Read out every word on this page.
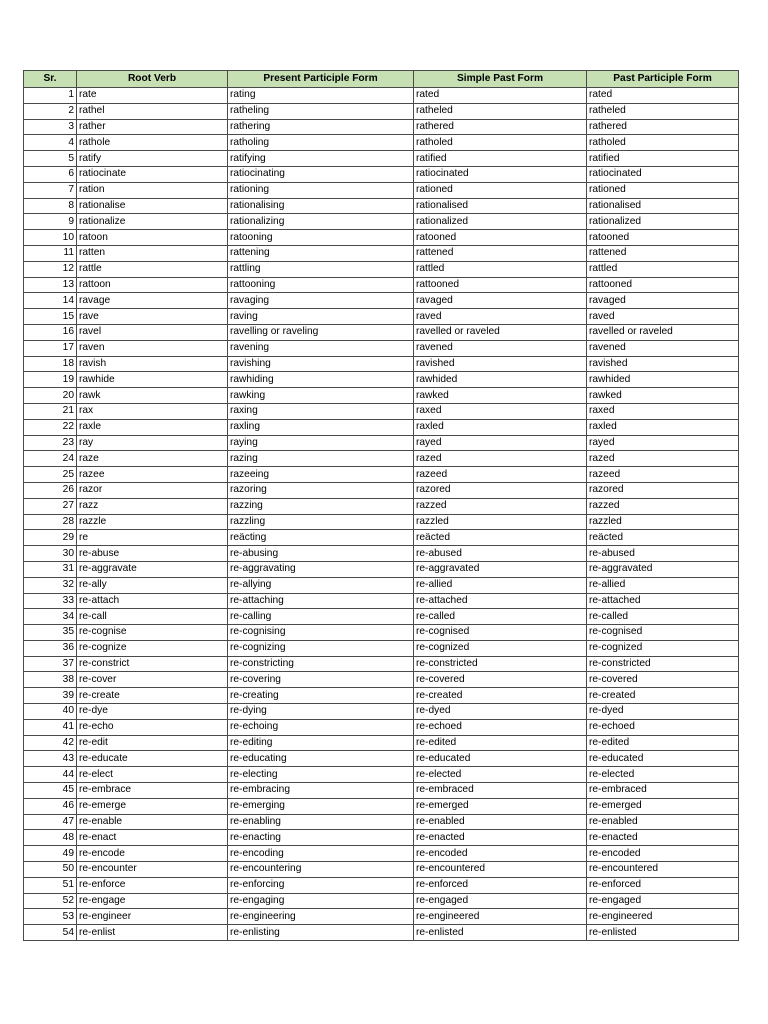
Sr.	Root Verb	Present Participle Form	Simple Past Form	Past Participle Form
1	rate	rating	rated	rated
2	rathel	ratheling	ratheled	ratheled
3	rather	rathering	rathered	rathered
4	rathole	ratholing	ratholed	ratholed
5	ratify	ratifying	ratified	ratified
6	ratiocinate	ratiocinating	ratiocinated	ratiocinated
7	ration	rationing	rationed	rationed
8	rationalise	rationalising	rationalised	rationalised
9	rationalize	rationalizing	rationalized	rationalized
10	ratoon	ratooning	ratooned	ratooned
11	ratten	rattening	rattened	rattened
12	rattle	rattling	rattled	rattled
13	rattoon	rattooning	rattooned	rattooned
14	ravage	ravaging	ravaged	ravaged
15	rave	raving	raved	raved
16	ravel	ravelling or raveling	ravelled or raveled	ravelled or raveled
17	raven	ravening	ravened	ravened
18	ravish	ravishing	ravished	ravished
19	rawhide	rawhiding	rawhided	rawhided
20	rawk	rawking	rawked	rawked
21	rax	raxing	raxed	raxed
22	raxle	raxling	raxled	raxled
23	ray	raying	rayed	rayed
24	raze	razing	razed	razed
25	razee	razeeing	razeed	razeed
26	razor	razoring	razored	razored
27	razz	razzing	razzed	razzed
28	razzle	razzling	razzled	razzled
29	re	reäcting	reäcted	reäcted
30	re-abuse	re-abusing	re-abused	re-abused
31	re-aggravate	re-aggravating	re-aggravated	re-aggravated
32	re-ally	re-allying	re-allied	re-allied
33	re-attach	re-attaching	re-attached	re-attached
34	re-call	re-calling	re-called	re-called
35	re-cognise	re-cognising	re-cognised	re-cognised
36	re-cognize	re-cognizing	re-cognized	re-cognized
37	re-constrict	re-constricting	re-constricted	re-constricted
38	re-cover	re-covering	re-covered	re-covered
39	re-create	re-creating	re-created	re-created
40	re-dye	re-dying	re-dyed	re-dyed
41	re-echo	re-echoing	re-echoed	re-echoed
42	re-edit	re-editing	re-edited	re-edited
43	re-educate	re-educating	re-educated	re-educated
44	re-elect	re-electing	re-elected	re-elected
45	re-embrace	re-embracing	re-embraced	re-embraced
46	re-emerge	re-emerging	re-emerged	re-emerged
47	re-enable	re-enabling	re-enabled	re-enabled
48	re-enact	re-enacting	re-enacted	re-enacted
49	re-encode	re-encoding	re-encoded	re-encoded
50	re-encounter	re-encountering	re-encountered	re-encountered
51	re-enforce	re-enforcing	re-enforced	re-enforced
52	re-engage	re-engaging	re-engaged	re-engaged
53	re-engineer	re-engineering	re-engineered	re-engineered
54	re-enlist	re-enlisting	re-enlisted	re-enlisted
